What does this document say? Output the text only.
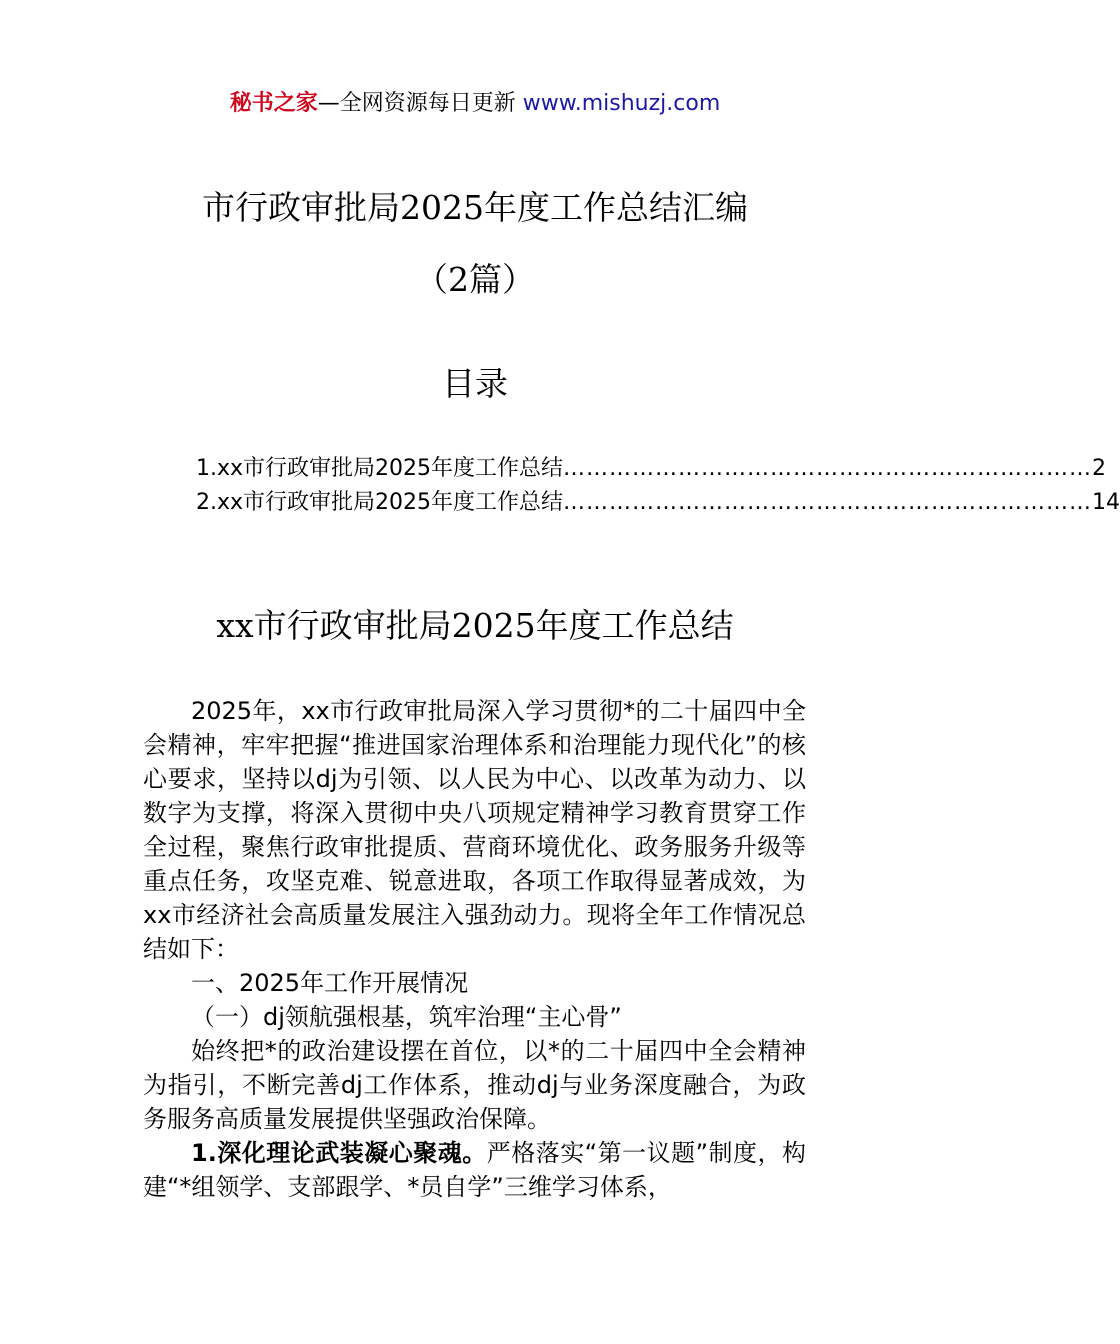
秘书之家—全网资源每日更新 www.mishuzj.com
市行政审批局2025年度工作总结汇编
（2篇）
目录
1.xx市行政审批局2025年度工作总结 …………………………………………………………… 2
2.xx市行政审批局2025年度工作总结 …………………………………………………………… 14
xx市行政审批局2025年度工作总结

2025年，xx市行政审批局深入学习贯彻*的二十届四中全会精神，牢牢把握“推进国家治理体系和治理能力现代化”的核心要求，坚持以dj为引领、以人民为中心、以改革为动力、以数字为支撑，将深入贯彻中央八项规定精神学习教育贯穿工作全过程，聚焦行政审批提质、营商环境优化、政务服务升级等重点任务，攻坚克难、锐意进取，各项工作取得显著成效，为xx市经济社会高质量发展注入强劲动力。现将全年工作情况总结如下：

一、2025年工作开展情况

（一）dj领航强根基，筑牢治理“主心骨”

始终把*的政治建设摆在首位，以*的二十届四中全会精神为指引，不断完善dj工作体系，推动dj与业务深度融合，为政务服务高质量发展提供坚强政治保障。

1.深化理论武装凝心聚魂。严格落实“第一议题”制度，构建“*组领学、支部跟学、*员自学”三维学习体系，
